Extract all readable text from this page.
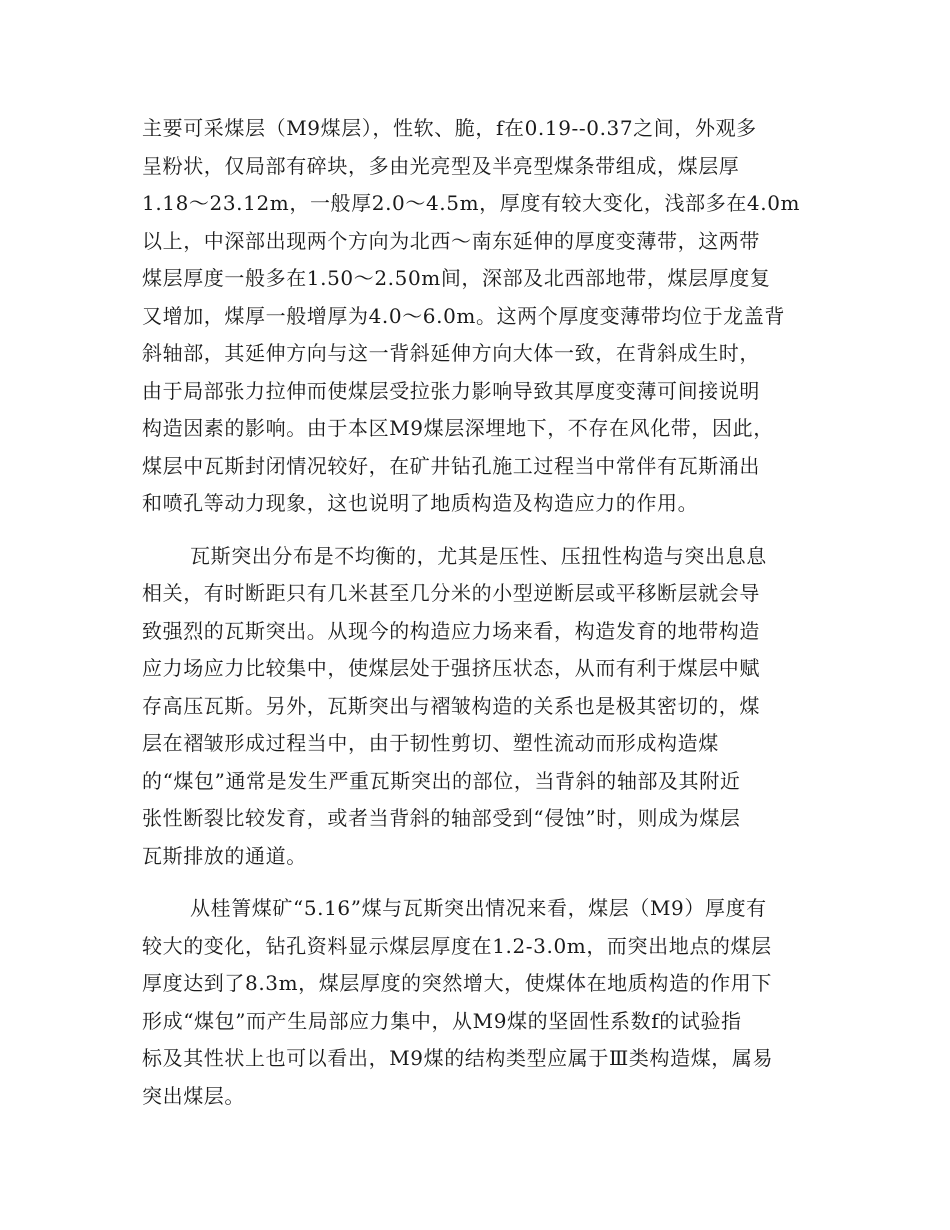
主要可采煤层（M9煤层），性软、脆，f在0.19--0.37之间，外观多
呈粉状，仅局部有碎块，多由光亮型及半亮型煤条带组成，煤层厚
1.18～23.12m，一般厚2.0～4.5m，厚度有较大变化，浅部多在4.0m
以上，中深部出现两个方向为北西～南东延伸的厚度变薄带，这两带
煤层厚度一般多在1.50～2.50m间，深部及北西部地带，煤层厚度复
又增加，煤厚一般增厚为4.0～6.0m。这两个厚度变薄带均位于龙盖背
斜轴部，其延伸方向与这一背斜延伸方向大体一致，在背斜成生时，
由于局部张力拉伸而使煤层受拉张力影响导致其厚度变薄可间接说明
构造因素的影响。由于本区M9煤层深埋地下，不存在风化带，因此，
煤层中瓦斯封闭情况较好，在矿井钻孔施工过程当中常伴有瓦斯涌出
和喷孔等动力现象，这也说明了地质构造及构造应力的作用。

瓦斯突出分布是不均衡的，尤其是压性、压扭性构造与突出息息
相关，有时断距只有几米甚至几分米的小型逆断层或平移断层就会导
致强烈的瓦斯突出。从现今的构造应力场来看，构造发育的地带构造
应力场应力比较集中，使煤层处于强挤压状态，从而有利于煤层中赋
存高压瓦斯。另外，瓦斯突出与褶皱构造的关系也是极其密切的，煤
层在褶皱形成过程当中，由于韧性剪切、塑性流动而形成构造煤
的“煤包”通常是发生严重瓦斯突出的部位，当背斜的轴部及其附近
张性断裂比较发育，或者当背斜的轴部受到“侵蚀”时，则成为煤层
瓦斯排放的通道。

从桂箐煤矿“5.16”煤与瓦斯突出情况来看，煤层（M9）厚度有
较大的变化，钻孔资料显示煤层厚度在1.2-3.0m，而突出地点的煤层
厚度达到了8.3m，煤层厚度的突然增大，使煤体在地质构造的作用下
形成“煤包”而产生局部应力集中，从M9煤的坚固性系数f的试验指
标及其性状上也可以看出，M9煤的结构类型应属于Ⅲ类构造煤，属易
突出煤层。
